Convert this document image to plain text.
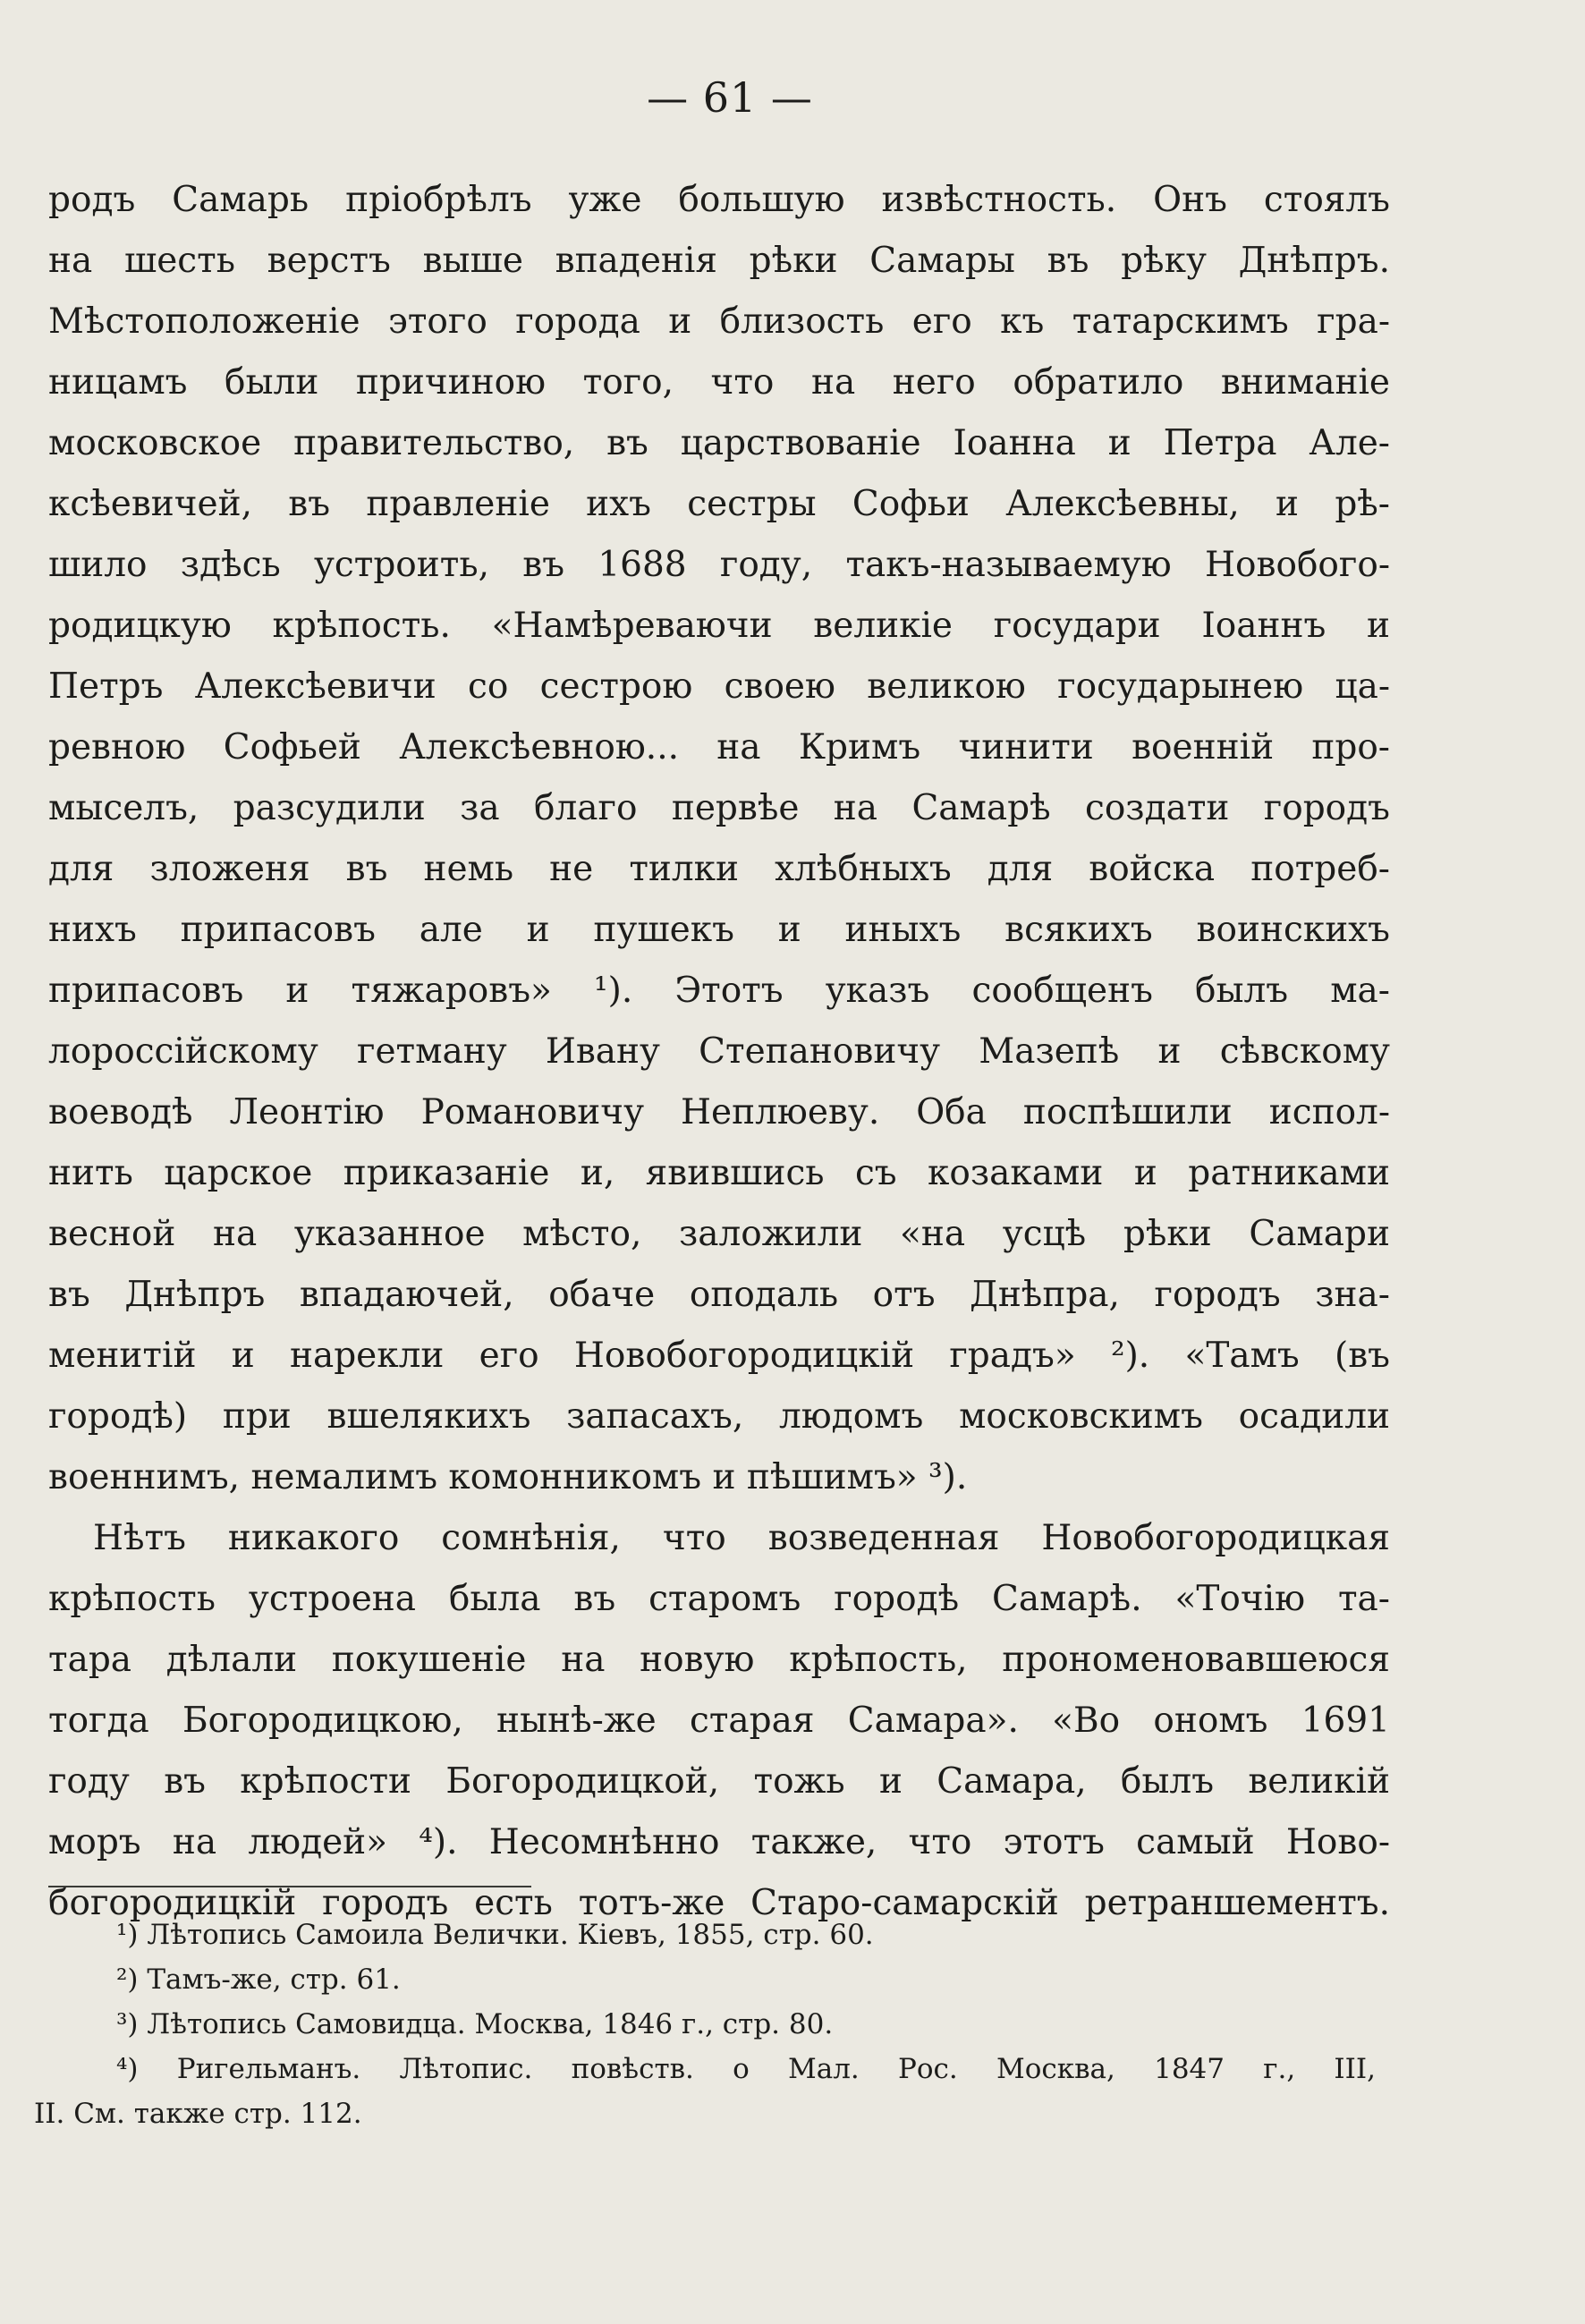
— 61 —
родъ Самарь пріобрѣлъ уже большую извѣстность. Онъ стоялъ
на шесть верстъ выше впаденія рѣки Самары въ рѣку Днѣпръ.
Мѣстоположеніе этого города и близость его къ татарскимъ гра-
ницамъ были причиною того, что на него обратило вниманіе
московское правительство, въ царствованіе Іоанна и Петра Але-
ксѣевичей, въ правленіе ихъ сестры Софьи Алексѣевны, и рѣ-
шило здѣсь устроить, въ 1688 году, такъ-называемую Новобого-
родицкую крѣпость. «Намѣреваючи великіе государи Іоаннъ и
Петръ Алексѣевичи со сестрою своею великою государынею ца-
ревною Софьей Алексѣевною... на Кримъ чинити военній про-
мыселъ, разсудили за благо первѣе на Самарѣ создати городъ
для зложеня въ немь не тилки хлѣбныхъ для войска потреб-
нихъ припасовъ але и пушекъ и иныхъ всякихъ воинскихъ
припасовъ и тяжаровъ» ¹). Этотъ указъ сообщенъ былъ ма-
лороссійскому гетману Ивану Степановичу Мазепѣ и сѣвскому
воеводѣ Леонтію Романовичу Неплюеву. Оба поспѣшили испол-
нить царское приказаніе и, явившись съ козаками и ратниками
весной на указанное мѣсто, заложили «на усцѣ рѣки Самари
въ Днѣпръ впадаючей, обаче оподаль отъ Днѣпра, городъ зна-
менитій и нарекли его Новобогородицкій градъ» ²). «Тамъ (въ
городѣ) при вшелякихъ запасахъ, людомъ московскимъ осадили
военнимъ, немалимъ комонникомъ и пѣшимъ» ³).
Нѣтъ никакого сомнѣнія, что возведенная Новобогородицкая
крѣпость устроена была въ старомъ городѣ Самарѣ. «Точію та-
тара дѣлали покушеніе на новую крѣпость, прономеновавшеюся
тогда Богородицкою, нынѣ-же старая Самара». «Во ономъ 1691
году въ крѣпости Богородицкой, тожь и Самара, былъ великій
моръ на людей» ⁴). Несомнѣнно также, что этотъ самый Ново-
богородицкій городъ есть тотъ-же Старо-самарскій ретраншементъ.
¹) Лѣтопись Самоила Велички. Кіевъ, 1855, стр. 60.
²) Тамъ-же, стр. 61.
³) Лѣтопись Самовидца. Москва, 1846 г., стр. 80.
⁴) Ригельманъ. Лѣтопис. повѣств. о Мал. Рос. Москва, 1847 г., III,
II. См. также стр. 112.
